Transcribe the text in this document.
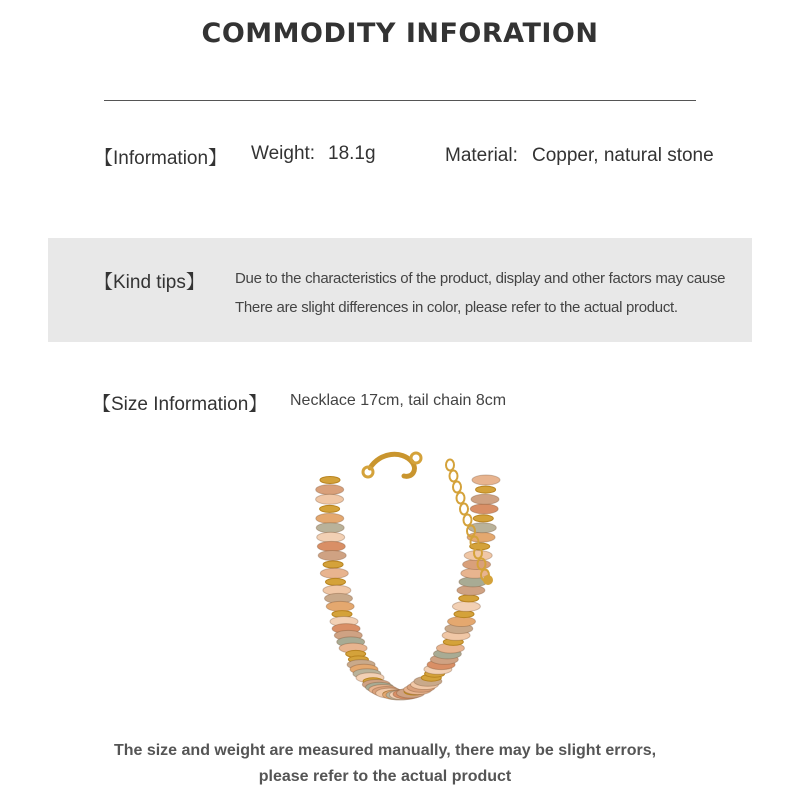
COMMODITY INFORATION
【Information】 Weight: 18.1g	Material: Copper, natural stone
【Kind tips】 Due to the characteristics of the product, display and other factors may cause
There are slight differences in color, please refer to the actual product.
【Size Information】 Necklace 17cm, tail chain 8cm
The size and weight are measured manually, there may be slight errors,
please refer to the actual product
